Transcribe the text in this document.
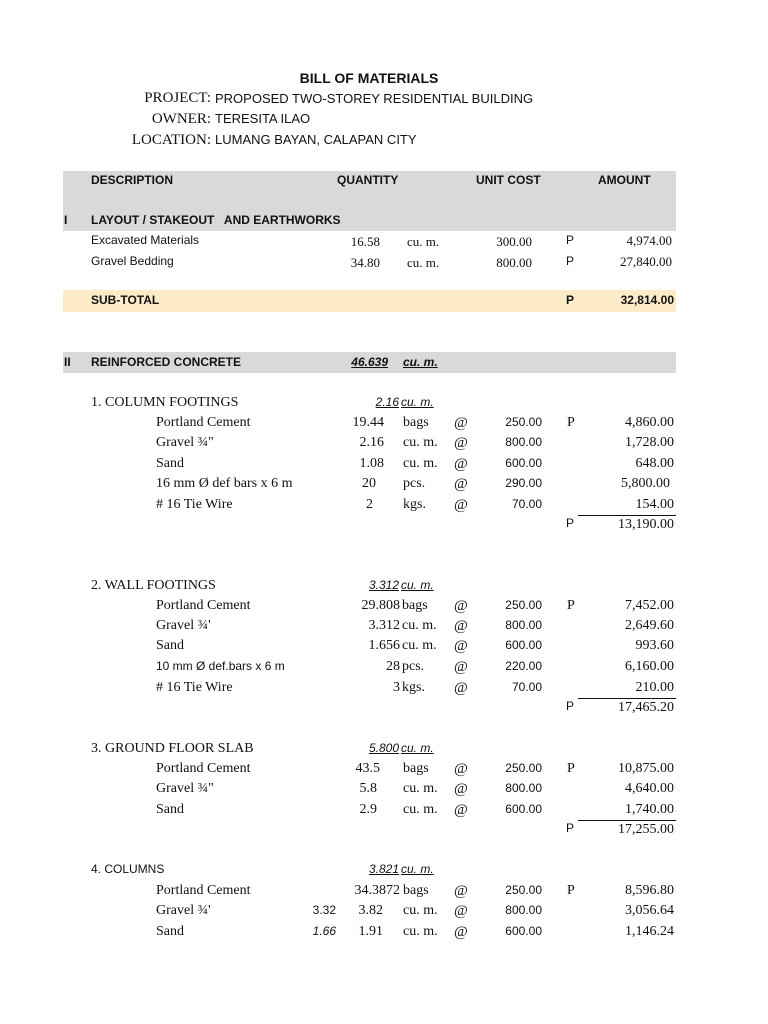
BILL OF MATERIALS
PROJECT: PROPOSED TWO-STOREY RESIDENTIAL BUILDING
OWNER: TERESITA ILAO
LOCATION: LUMANG BAYAN, CALAPAN CITY
DESCRIPTION	QUANTITY	UNIT COST	AMOUNT
I LAYOUT / STAKEOUT   AND EARTHWORKS
Excavated Materials	16.58 cu. m.	300.00	P	4,974.00
Gravel Bedding	34.80 cu. m.	800.00	P	27,840.00
SUB-TOTAL	P	32,814.00
II REINFORCED CONCRETE	46.639 cu. m.
1. COLUMN FOOTINGS	2.16 cu. m.
Portland Cement	19.44 bags @	250.00 P	4,860.00
Gravel ¾"	2.16 cu. m. @	800.00	1,728.00
Sand	1.08 cu. m. @	600.00	648.00
16 mm Ø def bars x 6 m	20 pcs. @	290.00	5,800.00
# 16 Tie Wire	2 kgs. @	70.00	154.00
P	13,190.00
2. WALL FOOTINGS	3.312 cu. m.
Portland Cement	29.808 bags @	250.00 P	7,452.00
Gravel ¾'	3.312 cu. m. @	800.00	2,649.60
Sand	1.656 cu. m. @	600.00	993.60
10 mm Ø def.bars x 6 m	28 pcs. @	220.00	6,160.00
# 16 Tie Wire	3 kgs. @	70.00	210.00
P	17,465.20
3. GROUND FLOOR SLAB	5.800 cu. m.
Portland Cement	43.5 bags @	250.00 P	10,875.00
Gravel ¾"	5.8 cu. m. @	800.00	4,640.00
Sand	2.9 cu. m. @	600.00	1,740.00
P	17,255.00
4. COLUMNS	3.821 cu. m.
Portland Cement	34.3872 bags @	250.00 P	8,596.80
Gravel ¾'	3.32	3.82 cu. m. @	800.00	3,056.64
Sand	1.66	1.91 cu. m. @	600.00	1,146.24
